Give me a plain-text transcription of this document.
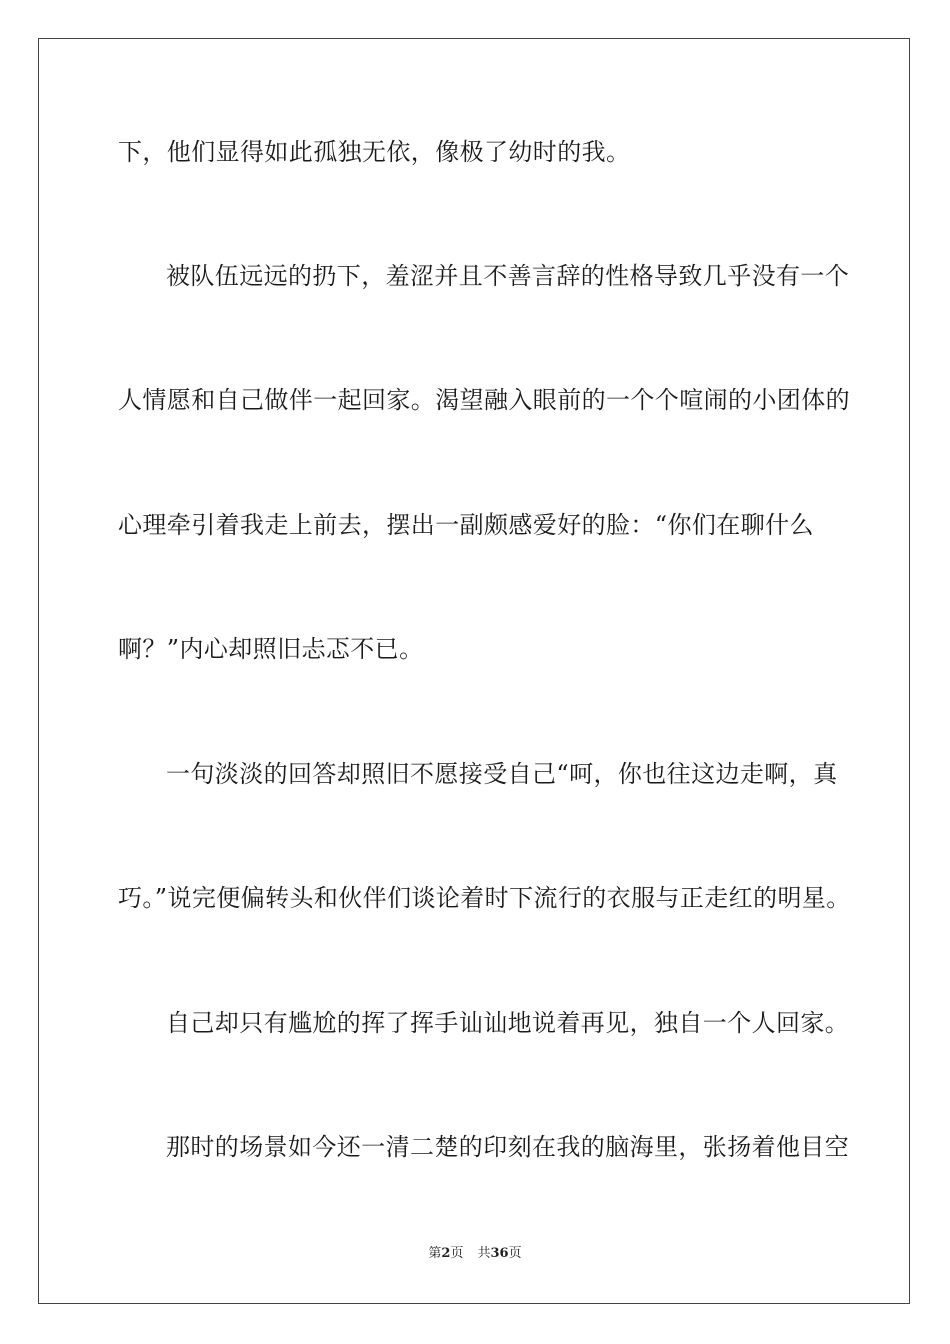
下，他们显得如此孤独无依，像极了幼时的我。
被队伍远远的扔下，羞涩并且不善言辞的性格导致几乎没有一个
人情愿和自己做伴一起回家。渴望融入眼前的一个个喧闹的小团体的
心理牵引着我走上前去，摆出一副颇感爱好的脸：“你们在聊什么
啊？”内心却照旧忐忑不已。
一句淡淡的回答却照旧不愿接受自己“呵，你也往这边走啊，真
巧。”说完便偏转头和伙伴们谈论着时下流行的衣服与正走红的明星。
自己却只有尴尬的挥了挥手讪讪地说着再见，独自一个人回家。
那时的场景如今还一清二楚的印刻在我的脑海里，张扬着他目空
第2页 共36页
